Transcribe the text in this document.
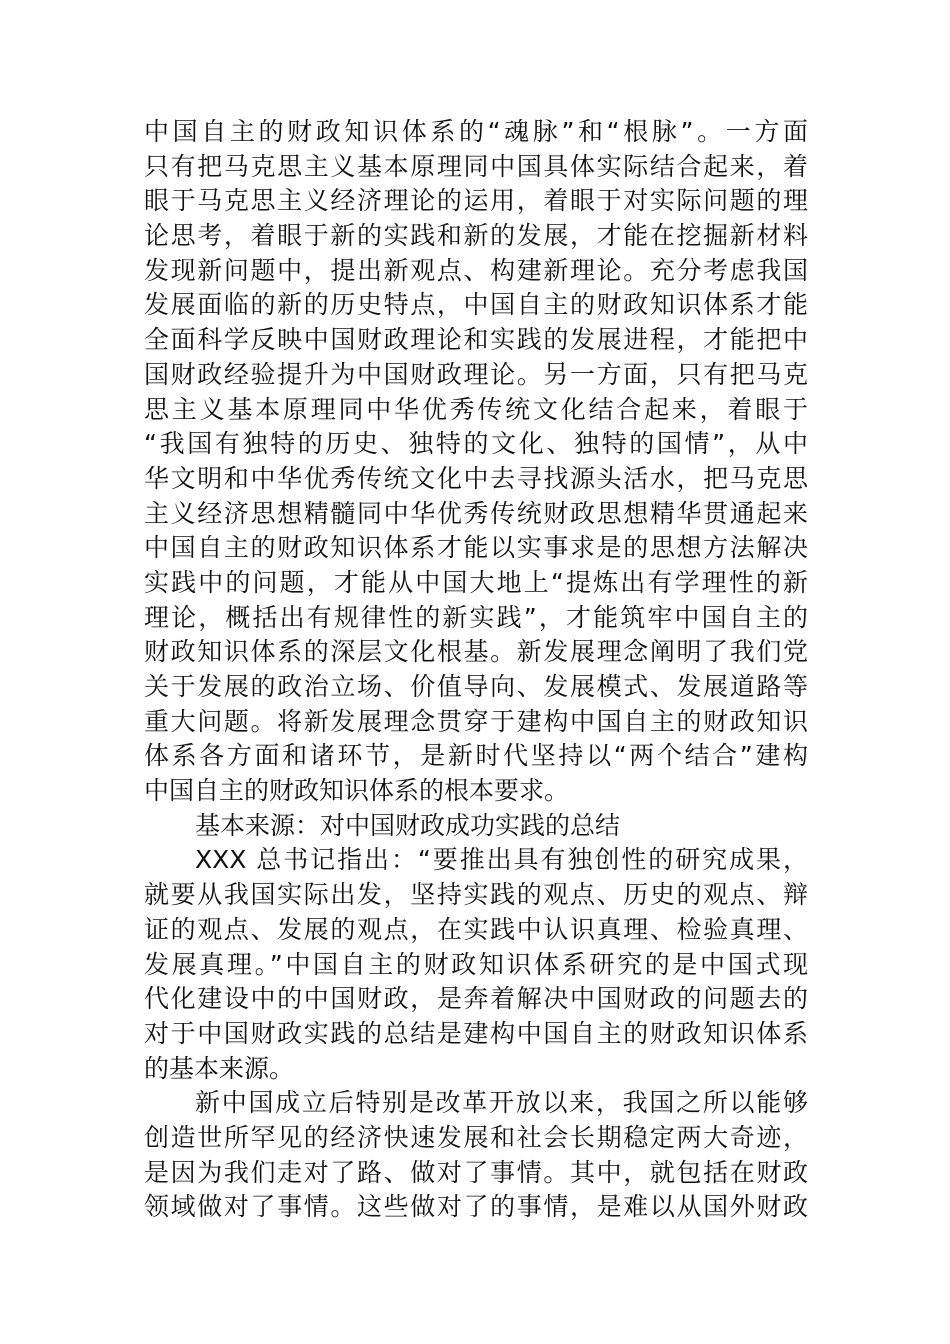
中国自主的财政知识体系的“魂脉”和“根脉”。一方面
只有把马克思主义基本原理同中国具体实际结合起来，着
眼于马克思主义经济理论的运用，着眼于对实际问题的理
论思考，着眼于新的实践和新的发展，才能在挖掘新材料
发现新问题中，提出新观点、构建新理论。充分考虑我国
发展面临的新的历史特点，中国自主的财政知识体系才能
全面科学反映中国财政理论和实践的发展进程，才能把中
国财政经验提升为中国财政理论。另一方面，只有把马克
思主义基本原理同中华优秀传统文化结合起来，着眼于
“我国有独特的历史、独特的文化、独特的国情”，从中
华文明和中华优秀传统文化中去寻找源头活水，把马克思
主义经济思想精髓同中华优秀传统财政思想精华贯通起来
中国自主的财政知识体系才能以实事求是的思想方法解决
实践中的问题，才能从中国大地上“提炼出有学理性的新
理论，概括出有规律性的新实践”，才能筑牢中国自主的
财政知识体系的深层文化根基。新发展理念阐明了我们党
关于发展的政治立场、价值导向、发展模式、发展道路等
重大问题。将新发展理念贯穿于建构中国自主的财政知识
体系各方面和诸环节，是新时代坚持以“两个结合”建构
中国自主的财政知识体系的根本要求。
基本来源：对中国财政成功实践的总结
XXX 总书记指出：“要推出具有独创性的研究成果，
就要从我国实际出发，坚持实践的观点、历史的观点、辩
证的观点、发展的观点，在实践中认识真理、检验真理、
发展真理。”中国自主的财政知识体系研究的是中国式现
代化建设中的中国财政，是奔着解决中国财政的问题去的
对于中国财政实践的总结是建构中国自主的财政知识体系
的基本来源。
新中国成立后特别是改革开放以来，我国之所以能够
创造世所罕见的经济快速发展和社会长期稳定两大奇迹，
是因为我们走对了路、做对了事情。其中，就包括在财政
领域做对了事情。这些做对了的事情，是难以从国外财政
